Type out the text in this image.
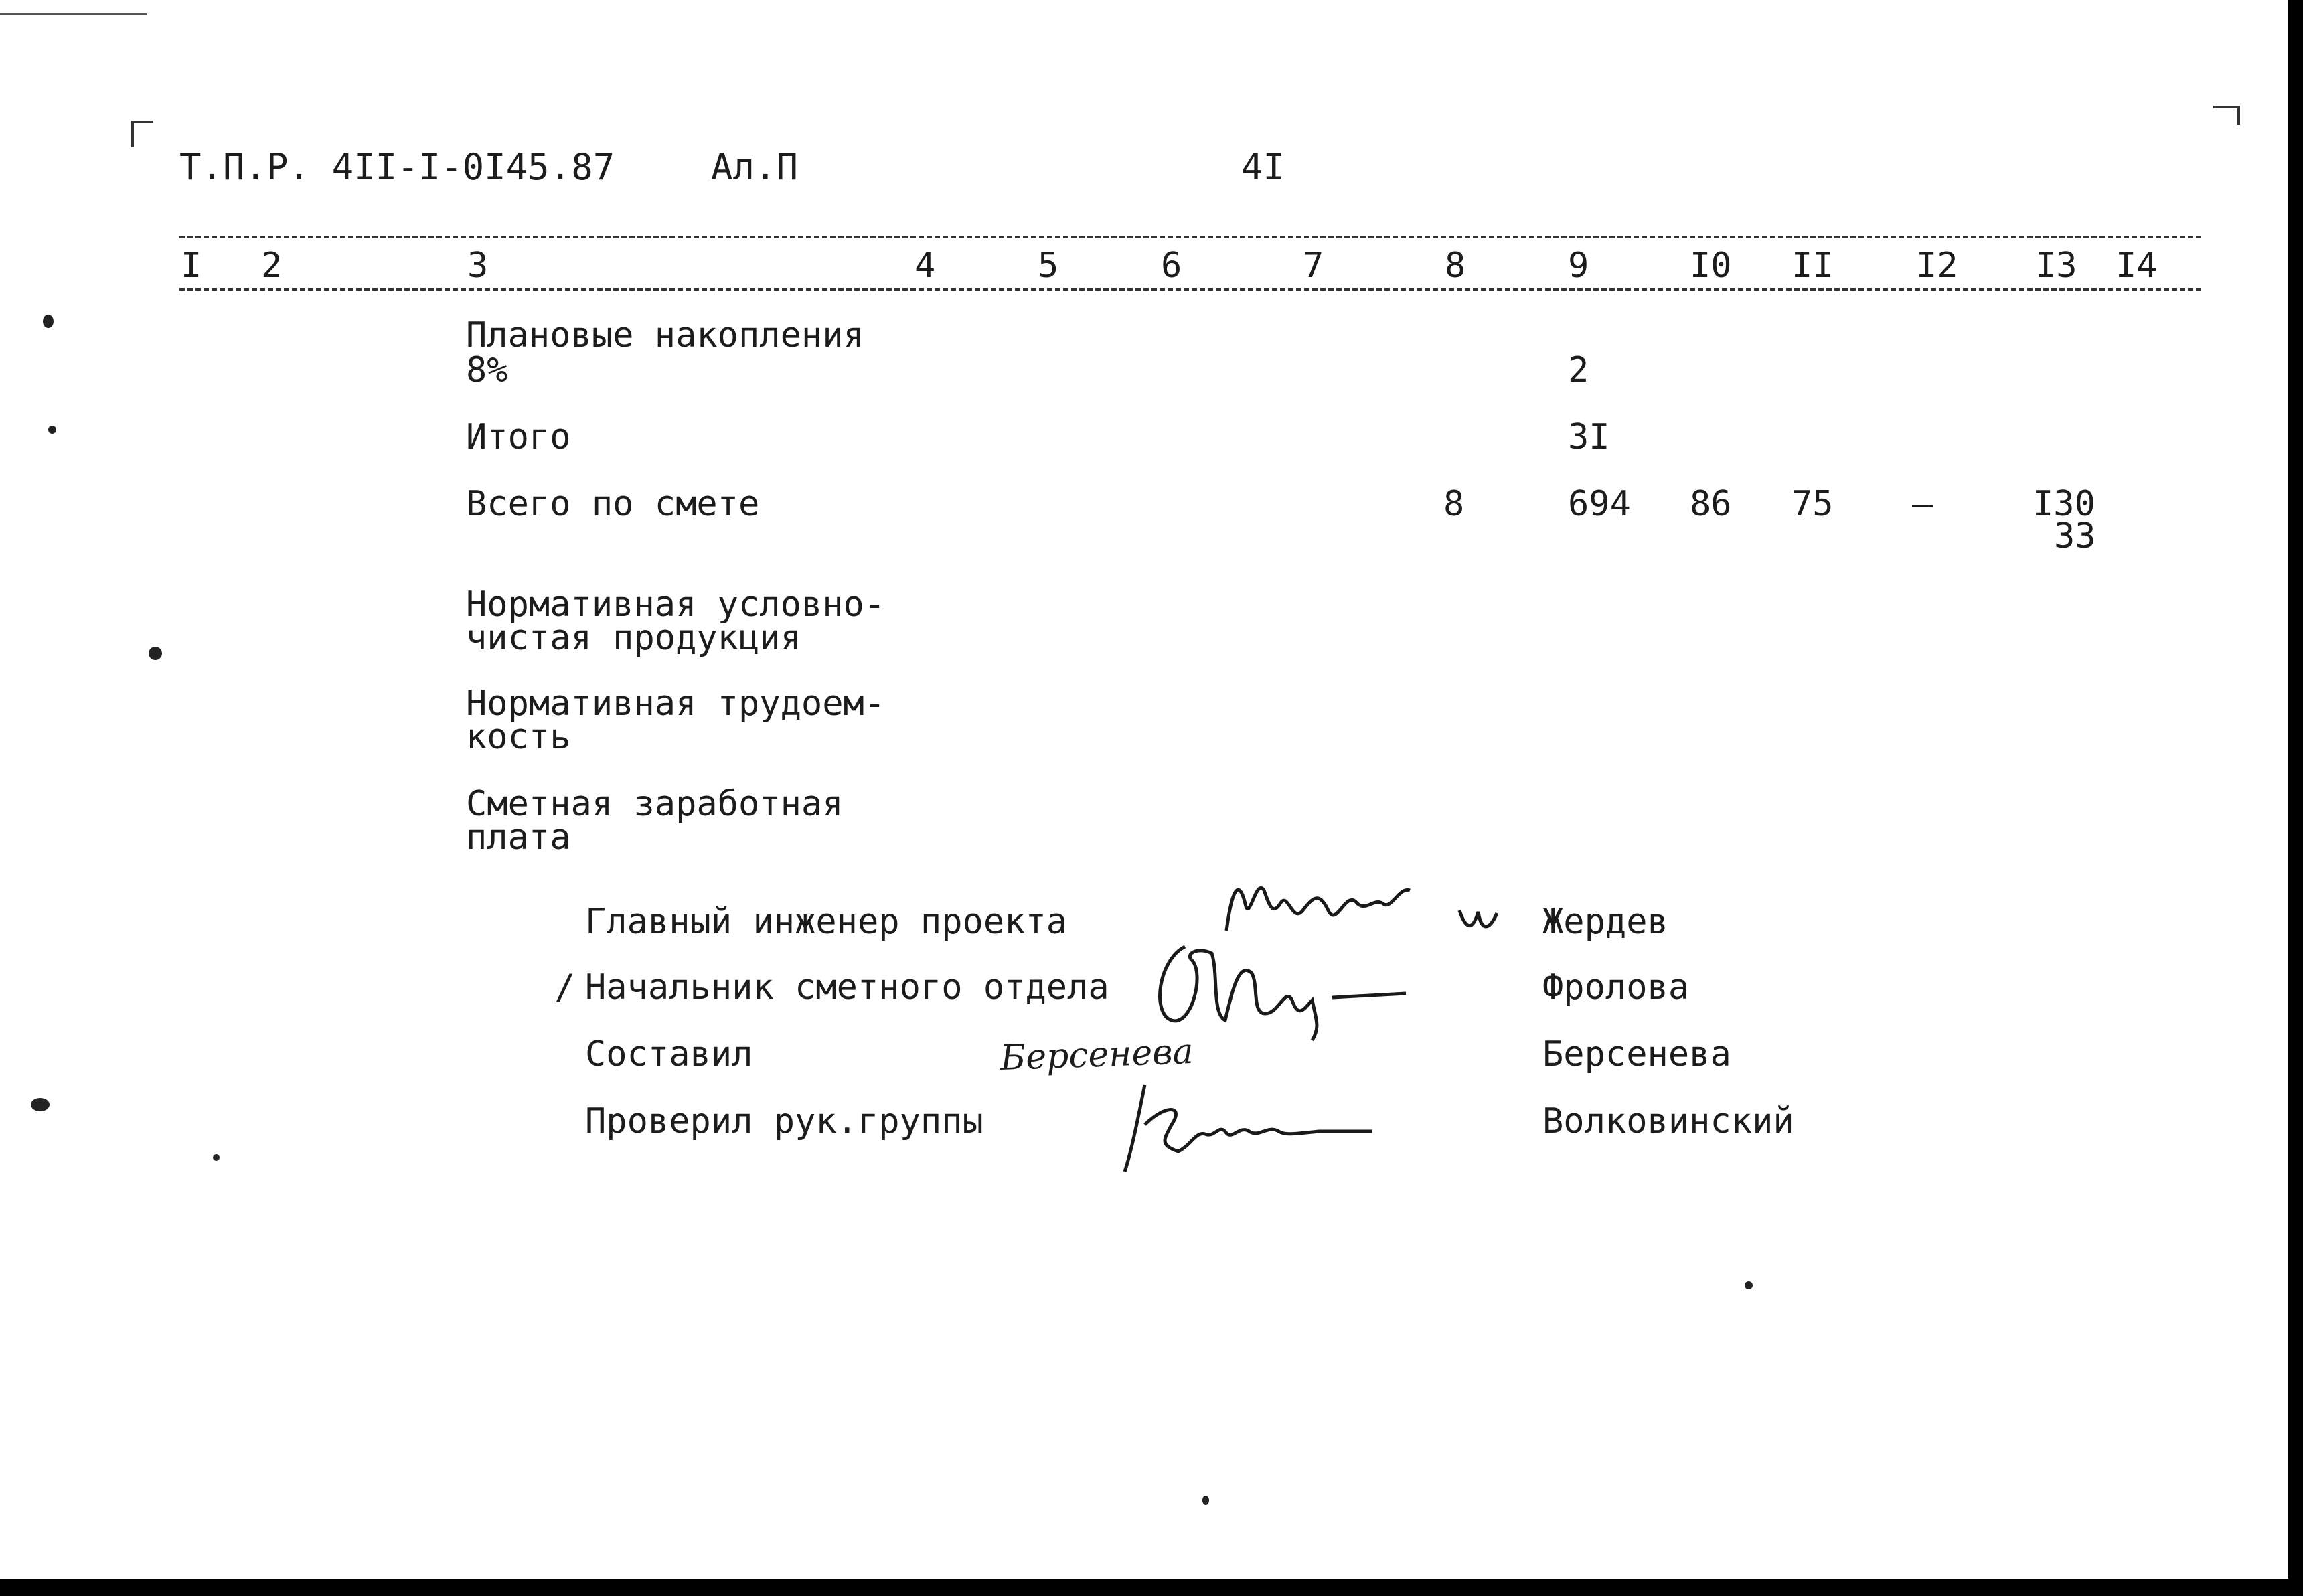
Т.П.Р. 4II-I-0I45.87	Ал.П	4I
I 2	3	4	5	6	7	8	9	I0 II I2 I3 I4
Плановые накопления
8%	2
Итого	3I
Всего по смете	8	694 86 75 –	I30
33
Нормативная условно-
чистая продукция
Нормативная трудоем-
кость
Сметная заработная
плата
Главный инженер проекта	Жердев
/ Начальник сметного отдела	Фролова
Составил	Берсенева	Берсенева
Проверил рук.группы	Волковинский
